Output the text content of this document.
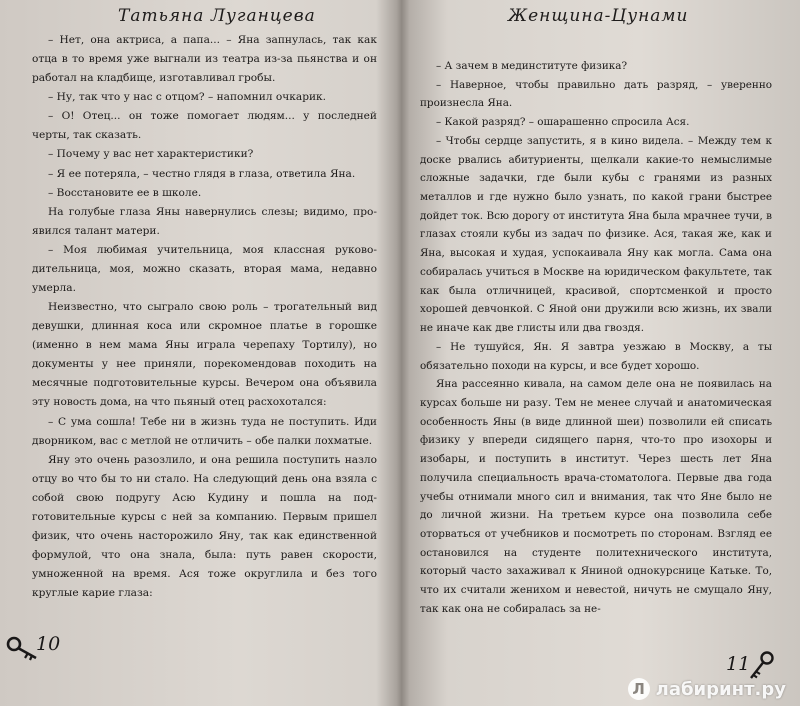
Татьяна Луганцева

– Нет, она актриса, а папа... – Яна запнулась, так как отца в то время уже выгнали из театра из-за пьянства и он работал на кладбище, изготавливал гробы.

– Ну, так что у нас с отцом? – напомнил очкарик.

– О! Отец... он тоже помогает людям... у последней черты, так сказать.

– Почему у вас нет характеристики?

– Я ее потеряла, – честно глядя в глаза, ответила Яна.

– Восстановите ее в школе.

На голубые глаза Яны навернулись слезы; видимо, проявился талант матери.

– Моя любимая учительница, моя классная руководительница, моя, можно сказать, вторая мама, недавно умерла.

Неизвестно, что сыграло свою роль – трогательный вид девушки, длинная коса или скромное платье в горошке (именно в нем мама Яны играла черепаху Тортилу), но документы у нее приняли, порекомендовав походить на месячные подготовительные курсы. Вечером она объявила эту новость дома, на что пьяный отец расхохотался:

– С ума сошла! Тебе ни в жизнь туда не поступить. Иди дворником, вас с метлой не отличить – обе палки лохматые.

Яну это очень разозлило, и она решила поступить назло отцу во что бы то ни стало. На следующий день она взяла с собой свою подругу Асю Кудину и пошла на подготовительные курсы с ней за компанию. Первым пришел физик, что очень насторожило Яну, так как единственной формулой, что она знала, была: путь равен скорости, умноженной на время. Ася тоже округлила и без того круглые карие глаза:

10
Женщина-Цунами

– А зачем в мединституте физика?

– Наверное, чтобы правильно дать разряд, – уверенно произнесла Яна.

– Какой разряд? – ошарашенно спросила Ася.

– Чтобы сердце запустить, я в кино видела. – Между тем к доске рвались абитуриенты, щелкали какие-то немыслимые сложные задачки, где были кубы с гранями из разных металлов и где нужно было узнать, по какой грани быстрее дойдет ток. Всю дорогу от института Яна была мрачнее тучи, в глазах стояли кубы из задач по физике. Ася, такая же, как и Яна, высокая и худая, успокаивала Яну как могла. Сама она собиралась учиться в Москве на юридическом факультете, так как была отличницей, красивой, спортсменкой и просто хорошей девчонкой. С Яной они дружили всю жизнь, их звали не иначе как две глисты или два гвоздя.

– Не тушуйся, Ян. Я завтра уезжаю в Москву, а ты обязательно походи на курсы, и все будет хорошо.

Яна рассеянно кивала, на самом деле она не появилась на курсах больше ни разу. Тем не менее случай и анатомическая особенность Яны (в виде длинной шеи) позволили ей списать физику у впереди сидящего парня, что-то про изохоры и изобары, и поступить в институт. Через шесть лет Яна получила специальность врача-стоматолога. Первые два года учебы отнимали много сил и внимания, так что Яне было не до личной жизни. На третьем курсе она позволила себе оторваться от учебников и посмотреть по сторонам. Взгляд ее остановился на студенте политехнического института, который часто захаживал к Яниной однокурснице Катьке. То, что их считали женихом и невестой, ничуть не смущало Яну, так как она не собиралась за не-

11
Л лабиринт.ру
